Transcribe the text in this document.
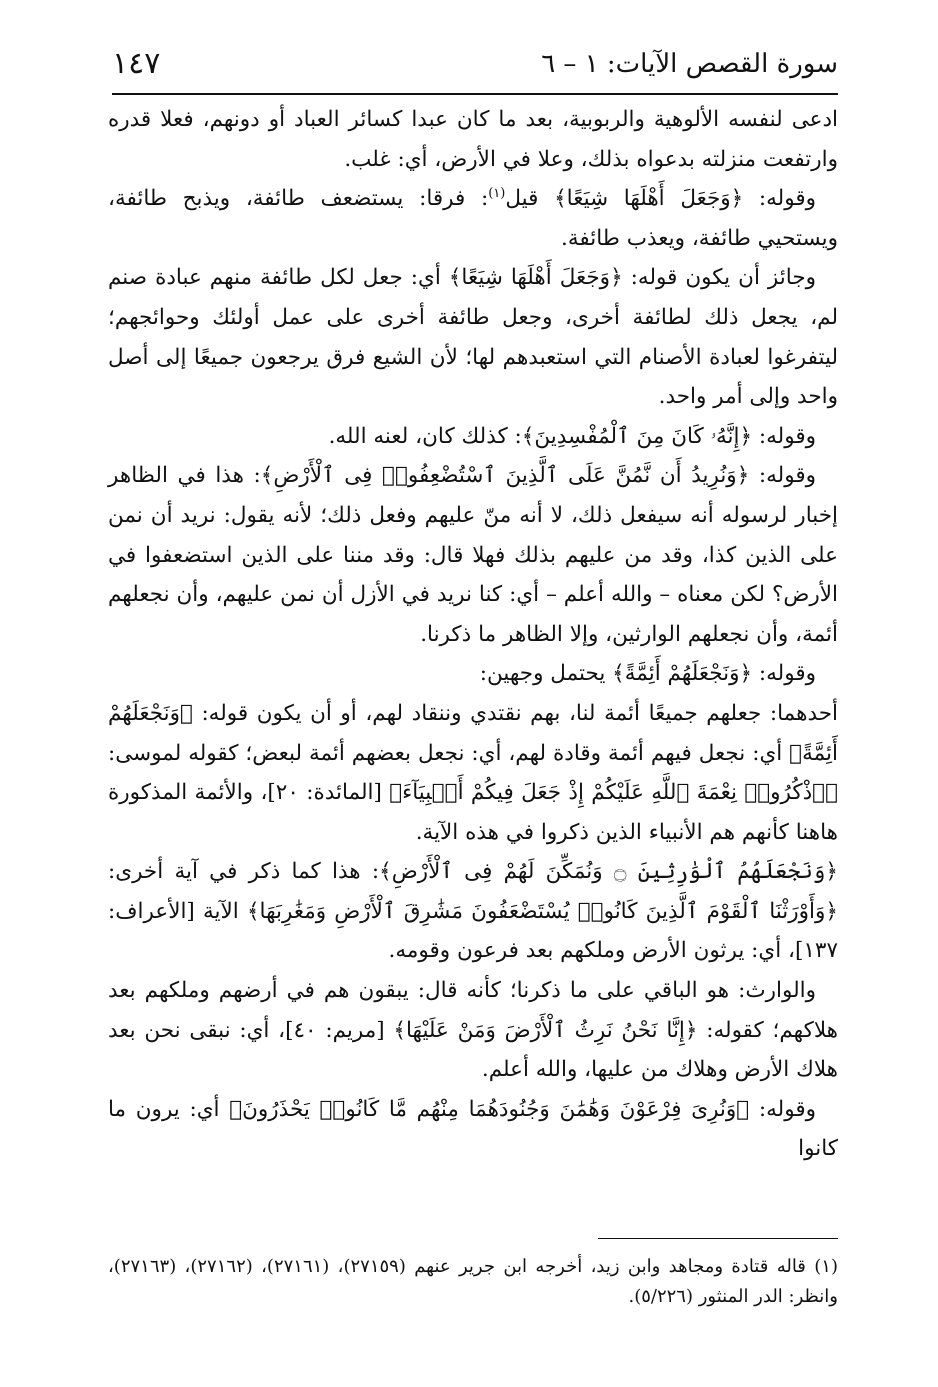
١٤٧	سورة القصص الآيات: ١ – ٦

ادعى لنفسه الألوهية والربوبية، بعد ما كان عبدا كسائر العباد أو دونهم، فعلا قدره وارتفعت منزلته بدعواه بذلك، وعلا في الأرض، أي: غلب.

وقوله: ﴿وَجَعَلَ أَهْلَهَا شِيَعًا﴾ قيل$^{(١)}$: فرقا: يستضعف طائفة، ويذبح طائفة، ويستحيي طائفة، ويعذب طائفة.

وجائز أن يكون قوله: ﴿وَجَعَلَ أَهْلَهَا شِيَعًا﴾ أي: جعل لكل طائفة منهم عبادة صنم لم، يجعل ذلك لطائفة أخرى، وجعل طائفة أخرى على عمل أولئك وحوائجهم؛ ليتفرغوا لعبادة الأصنام التي استعبدهم لها؛ لأن الشيع فرق يرجعون جميعًا إلى أصل واحد وإلى أمر واحد.

وقوله: ﴿إِنَّهُۥ كَانَ مِنَ ٱلْمُفْسِدِينَ﴾: كذلك كان، لعنه الله.

وقوله: ﴿وَنُرِيدُ أَن نَّمُنَّ عَلَى ٱلَّذِينَ ٱسْتُضْعِفُوا۟ فِى ٱلْأَرْضِ﴾: هذا في الظاهر إخبار لرسوله أنه سيفعل ذلك، لا أنه منّ عليهم وفعل ذلك؛ لأنه يقول: نريد أن نمن على الذين كذا، وقد من عليهم بذلك فهلا قال: وقد مننا على الذين استضعفوا في الأرض؟ لكن معناه – والله أعلم – أي: كنا نريد في الأزل أن نمن عليهم، وأن نجعلهم أئمة، وأن نجعلهم الوارثين، وإلا الظاهر ما ذكرنا.

وقوله: ﴿وَنَجْعَلَهُمْ أَئِمَّةً﴾ يحتمل وجهين:

أحدهما: جعلهم جميعًا أئمة لنا، بهم نقتدي وننقاد لهم، أو أن يكون قوله: ﴿وَنَجْعَلَهُمْ أَئِمَّةً﴾ أي: نجعل فيهم أئمة وقادة لهم، أي: نجعل بعضهم أئمة لبعض؛ كقوله لموسى: ﴿ٱذْكُرُوا۟ نِعْمَةَ ٱللَّهِ عَلَيْكُمْ إِذْ جَعَلَ فِيكُمْ أَنۢبِيَآءَ﴾ [المائدة: ٢٠]، والأئمة المذكورة هاهنا كأنهم هم الأنبياء الذين ذكروا في هذه الآية.

﴿وَنَجْعَلَهُمُ ٱلْوَٰرِثِينَ ۝ وَنُمَكِّنَ لَهُمْ فِى ٱلْأَرْضِ﴾: هذا كما ذكر في آية أخرى: ﴿وَأَوْرَثْنَا ٱلْقَوْمَ ٱلَّذِينَ كَانُوا۟ يُسْتَضْعَفُونَ مَشَٰرِقَ ٱلْأَرْضِ وَمَغَٰرِبَهَا﴾ الآية [الأعراف: ١٣٧]، أي: يرثون الأرض وملكهم بعد فرعون وقومه.

والوارث: هو الباقي على ما ذكرنا؛ كأنه قال: يبقون هم في أرضهم وملكهم بعد هلاكهم؛ كقوله: ﴿إِنَّا نَحْنُ نَرِثُ ٱلْأَرْضَ وَمَنْ عَلَيْهَا﴾ [مريم: ٤٠]، أي: نبقى نحن بعد هلاك الأرض وهلاك من عليها، والله أعلم.

وقوله: ﴿وَنُرِىَ فِرْعَوْنَ وَهَٰمَٰنَ وَجُنُودَهُمَا مِنْهُم مَّا كَانُوا۟ يَحْذَرُونَ﴾ أي: يرون ما كانوا

(١) قاله قتادة ومجاهد وابن زيد، أخرجه ابن جرير عنهم (٢٧١٥٩)، (٢٧١٦١)، (٢٧١٦٢)، (٢٧١٦٣)، وانظر: الدر المنثور (٥/٢٢٦).
